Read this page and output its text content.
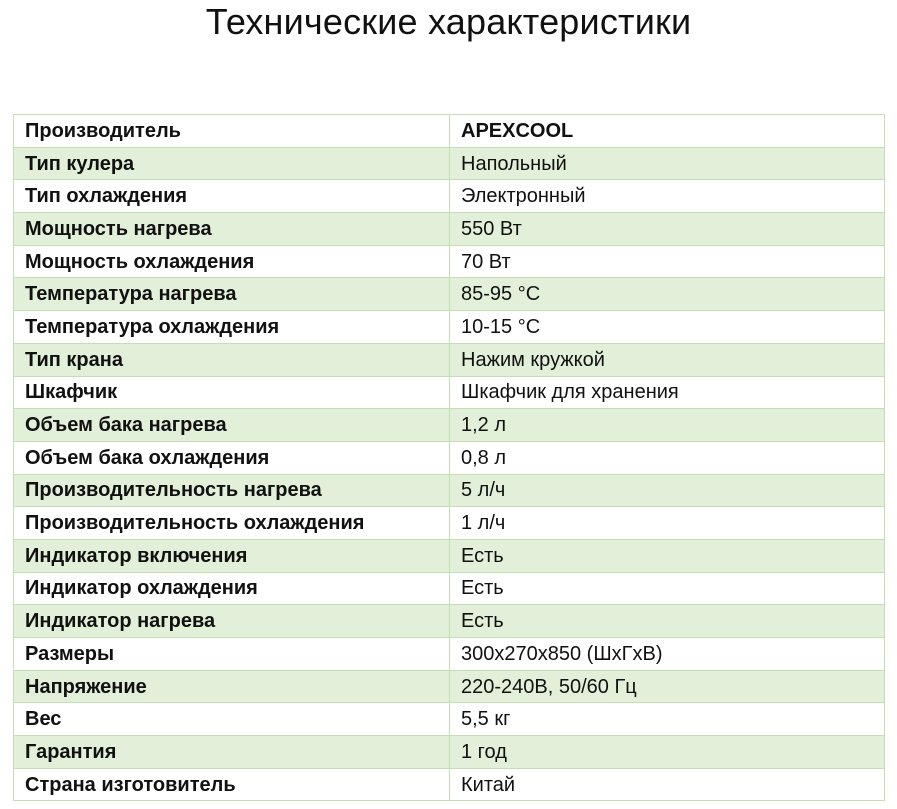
Технические характеристики
Производитель	APEXCOOL
Тип кулера	Напольный
Тип охлаждения	Электронный
Мощность нагрева	550 Вт
Мощность охлаждения	70 Вт
Температура нагрева	85-95 °С
Температура охлаждения	10-15 °С
Тип крана	Нажим кружкой
Шкафчик	Шкафчик для хранения
Объем бака нагрева	1,2 л
Объем бака охлаждения	0,8 л
Производительность нагрева	5 л/ч
Производительность охлаждения	1 л/ч
Индикатор включения	Есть
Индикатор охлаждения	Есть
Индикатор нагрева	Есть
Размеры	300х270х850 (ШхГхВ)
Напряжение	220-240В, 50/60 Гц
Вес	5,5 кг
Гарантия	1 год
Страна изготовитель	Китай
